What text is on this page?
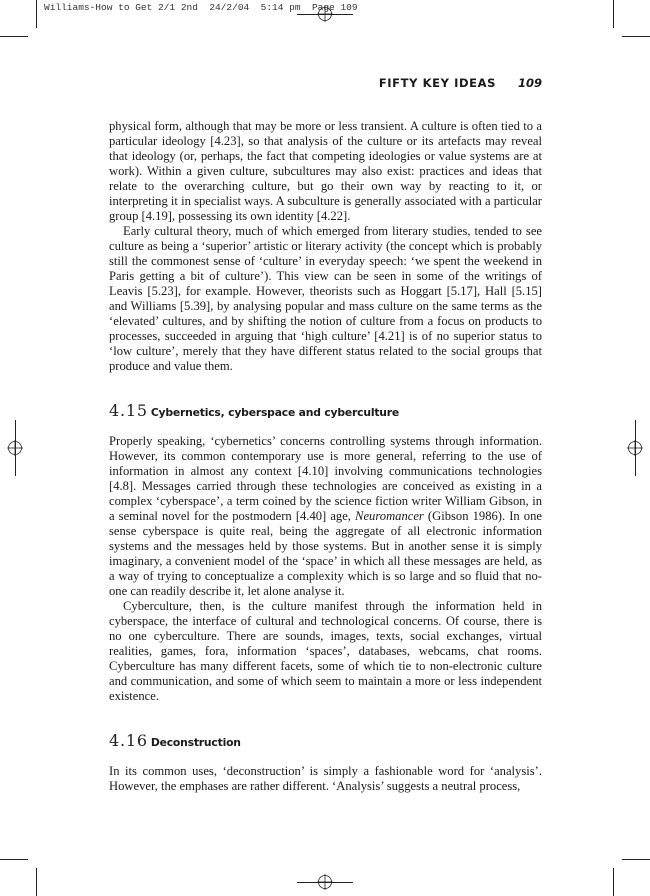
Williams-How to Get 2/1 2nd  24/2/04  5:14 pm  Page 109
FIFTY KEY IDEAS 109

physical form, although that may be more or less transient. A culture is often tied to a particular ideology [4.23], so that analysis of the culture or its artefacts may reveal that ideology (or, perhaps, the fact that competing ideologies or value systems are at work). Within a given culture, subcultures may also exist: practices and ideas that relate to the overarching culture, but go their own way by reacting to it, or interpreting it in specialist ways. A subculture is generally associated with a particular group [4.19], possessing its own identity [4.22].

Early cultural theory, much of which emerged from literary studies, tended to see culture as being a ‘superior’ artistic or literary activity (the concept which is probably still the commonest sense of ‘culture’ in everyday speech: ‘we spent the weekend in Paris getting a bit of culture’). This view can be seen in some of the writings of Leavis [5.23], for example. However, theorists such as Hoggart [5.17], Hall [5.15] and Williams [5.39], by analysing popular and mass culture on the same terms as the ‘elevated’ cultures, and by shifting the notion of culture from a focus on products to processes, succeeded in arguing that ‘high culture’ [4.21] is of no superior status to ‘low culture’, merely that they have different status related to the social groups that produce and value them.

4.15 Cybernetics, cyberspace and cyberculture

Properly speaking, ‘cybernetics’ concerns controlling systems through information. However, its common contemporary use is more general, referring to the use of information in almost any context [4.10] involving communications technologies [4.8]. Messages carried through these technologies are conceived as existing in a complex ‘cyberspace’, a term coined by the science fiction writer William Gibson, in a seminal novel for the postmodern [4.40] age, Neuromancer (Gibson 1986). In one sense cyberspace is quite real, being the aggregate of all electronic information systems and the messages held by those systems. But in another sense it is simply imaginary, a convenient model of the ‘space’ in which all these messages are held, as a way of trying to conceptualize a complexity which is so large and so fluid that no-one can readily describe it, let alone analyse it.

Cyberculture, then, is the culture manifest through the information held in cyberspace, the interface of cultural and technological concerns. Of course, there is no one cyberculture. There are sounds, images, texts, social exchanges, virtual realities, games, fora, information ‘spaces’, databases, webcams, chat rooms. Cyberculture has many different facets, some of which tie to non-electronic culture and communication, and some of which seem to maintain a more or less independent existence.

4.16 Deconstruction

In its common uses, ‘deconstruction’ is simply a fashionable word for ‘analysis’. However, the emphases are rather different. ‘Analysis’ suggests a neutral process,
